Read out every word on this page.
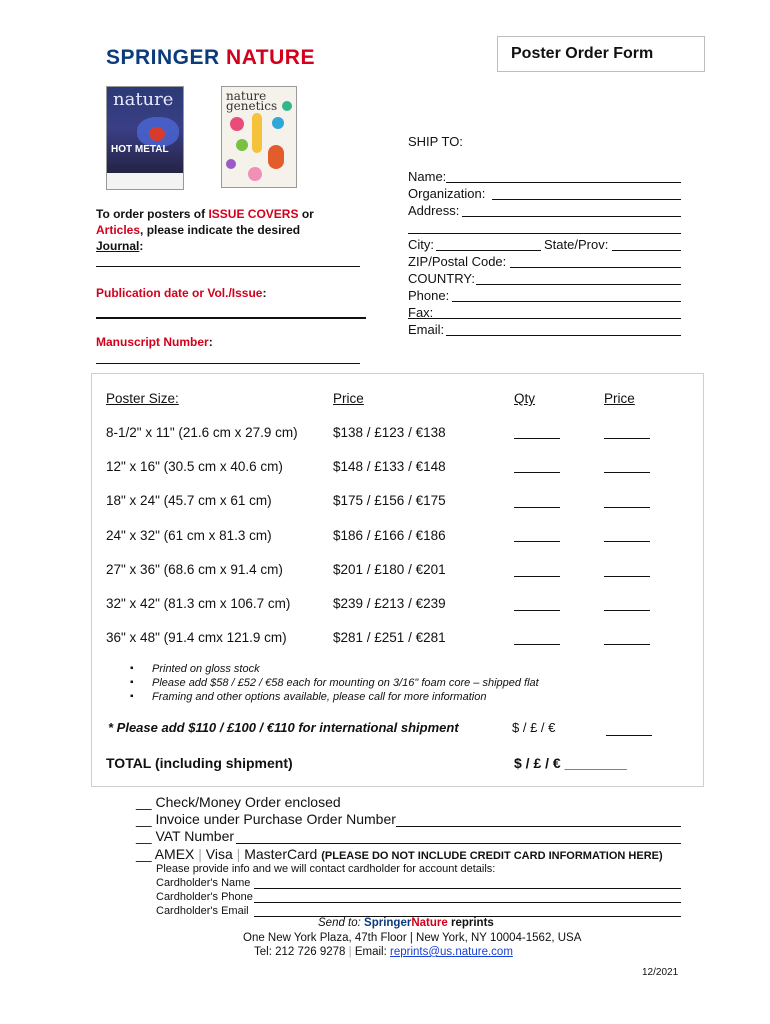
SPRINGER NATURE	Poster Order Form
nature
HOT METAL
nature genetics
To order posters of ISSUE COVERS or
Articles, please indicate the desired
Journal:
Publication date or Vol./Issue:
Manuscript Number:
SHIP TO:
Name:
Organization:
Address:
City:	State/Prov:
ZIP/Postal Code:
COUNTRY:
Phone:
Fax:
Email:
Poster Size:	Price	Qty	Price
8-1/2" x 11" (21.6 cm x 27.9 cm)	$138 / £123 / €138
12" x 16" (30.5 cm x 40.6 cm)	$148 / £133 / €148
18" x 24" (45.7 cm x 61 cm)	$175 / £156 / €175
24" x 32" (61 cm x 81.3 cm)	$186 / £166 / €186
27" x 36" (68.6 cm x 91.4 cm)	$201 / £180 / €201
32" x 42" (81.3 cm x 106.7 cm)	$239 / £213 / €239
36" x 48" (91.4 cmx 121.9 cm)	$281 / £251 / €281
▪ Printed on gloss stock
▪ Please add $58 / £52 / €58 each for mounting on 3/16" foam core – shipped flat
▪ Framing and other options available, please call for more information
* Please add $110 / £100 / €110 for international shipment	$ / £ / €
TOTAL (including shipment)	$ / £ / € ________
__ Check/Money Order enclosed
__ Invoice under Purchase Order Number
__ VAT Number
__ AMEX | Visa | MasterCard (PLEASE DO NOT INCLUDE CREDIT CARD INFORMATION HERE)
Please provide info and we will contact cardholder for account details:
Cardholder's Name
Cardholder's Phone
Cardholder's Email
Send to: SpringerNature reprints
One New York Plaza, 47th Floor | New York, NY 10004-1562, USA
Tel: 212 726 9278 | Email: reprints@us.nature.com
12/2021
